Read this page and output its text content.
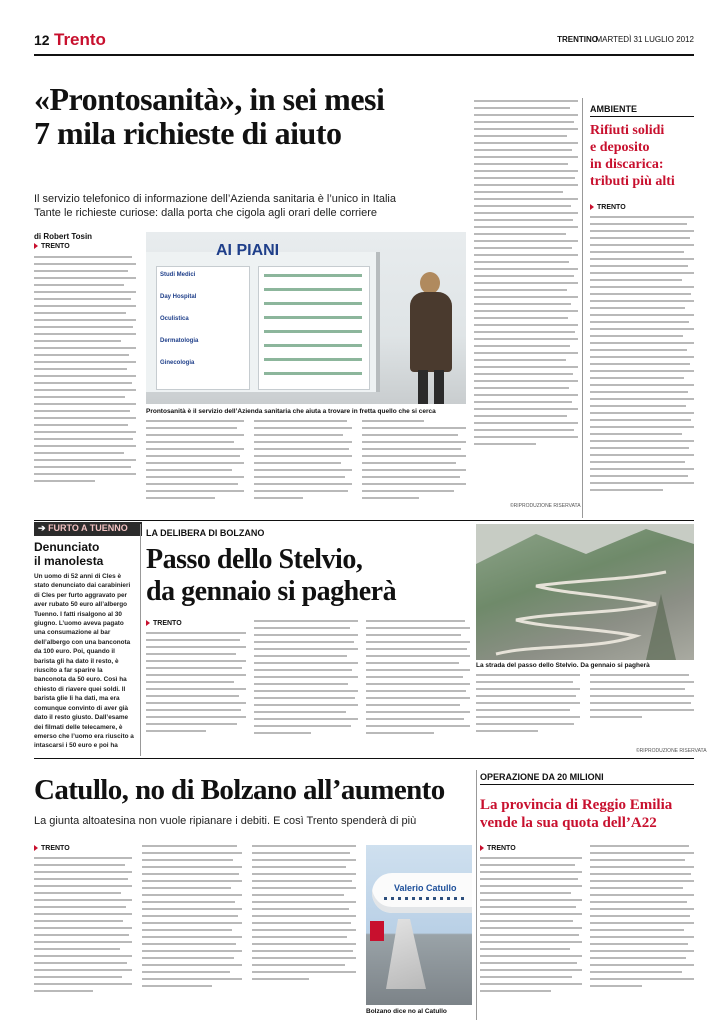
12 Trento	TRENTINO
MARTEDÌ 31 LUGLIO 2012
«Prontosanità», in sei mesi
7 mila richieste di aiuto
Il servizio telefonico di informazione dell’Azienda sanitaria è l’unico in Italia
Tante le richieste curiose: dalla porta che cigola agli orari delle corriere
di Robert Tosin
TRENTO	AI PIANI
Studi Medici
Day Hospital
Oculistica
Dermatologia
Ginecologia
Prontosanità è il servizio dell’Azienda sanitaria che aiuta a trovare in fretta quello che si cerca
©RIPRODUZIONE RISERVATA
AMBIENTE
Rifiuti solidi
e deposito
in discarica:
tributi più alti
TRENTO
➔ FURTO A TUENNO
Denunciato
il manolesta
Un uomo di 52 anni di Cles è stato denunciato dai carabinieri di Cles per furto aggravato per aver rubato 50 euro all’albergo Tuenno. I fatti risalgono al 30 giugno. L’uomo aveva pagato una consumazione al bar dell’albergo con una banconota da 100 euro. Poi, quando il barista gli ha dato il resto, è riuscito a far sparire la banconota da 50 euro. Così ha chiesto di riavere quei soldi. Il barista glie li ha dati, ma era comunque convinto di aver già dato il resto giusto. Dall’esame dei filmati delle telecamere, è emerso che l’uomo era riuscito a intascarsi i 50 euro e poi ha
LA DELIBERA DI BOLZANO
Passo dello Stelvio,
da gennaio si pagherà
TRENTO
La strada del passo dello Stelvio. Da gennaio si pagherà
©RIPRODUZIONE RISERVATA
Catullo, no di Bolzano all’aumento
La giunta altoatesina non vuole ripianare i debiti. E così Trento spenderà di più
TRENTO
Valerio Catullo
Bolzano dice no al Catullo
OPERAZIONE DA 20 MILIONI
La provincia di Reggio Emilia
vende la sua quota dell’A22
TRENTO
